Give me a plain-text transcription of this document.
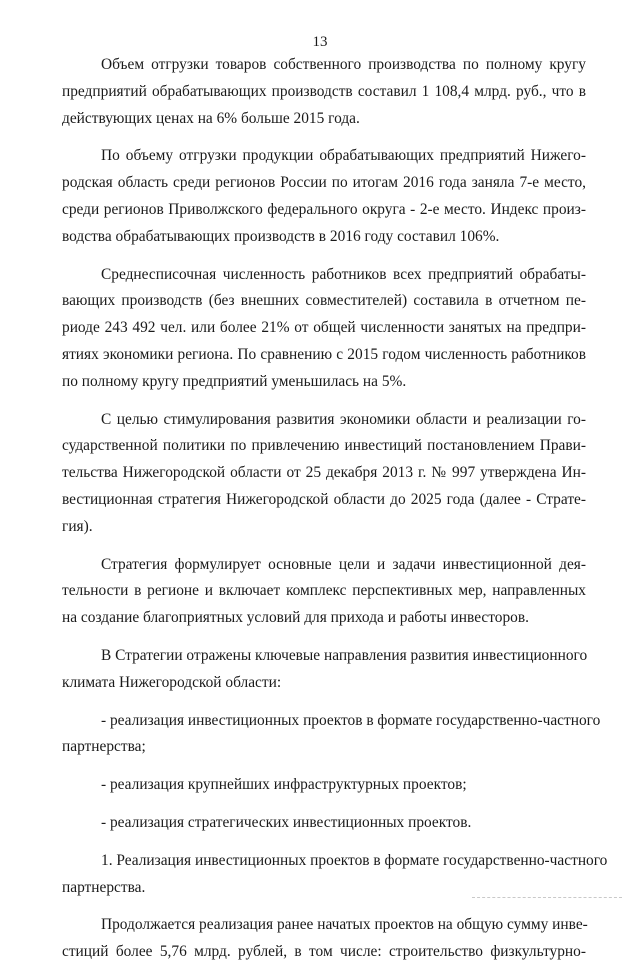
13

Объем отгрузки товаров собственного производства по полному кругу
предприятий обрабатывающих производств составил 1 108,4 млрд. руб., что в
действующих ценах на 6% больше 2015 года.

По объему отгрузки продукции обрабатывающих предприятий Нижего-
родская область среди регионов России по итогам 2016 года заняла 7-е место,
среди регионов Приволжского федерального округа - 2-е место. Индекс произ-
водства обрабатывающих производств в 2016 году составил 106%.

Среднесписочная численность работников всех предприятий обрабаты-
вающих производств (без внешних совместителей) составила в отчетном пе-
риоде 243 492 чел. или более 21% от общей численности занятых на предпри-
ятиях экономики региона. По сравнению с 2015 годом численность работников
по полному кругу предприятий уменьшилась на 5%.

С целью стимулирования развития экономики области и реализации го-
сударственной политики по привлечению инвестиций постановлением Прави-
тельства Нижегородской области от 25 декабря 2013 г. № 997 утверждена Ин-
вестиционная стратегия Нижегородской области до 2025 года (далее - Страте-
гия).

Стратегия формулирует основные цели и задачи инвестиционной дея-
тельности в регионе и включает комплекс перспективных мер, направленных
на создание благоприятных условий для прихода и работы инвесторов.

В Стратегии отражены ключевые направления развития инвестиционного
климата Нижегородской области:

- реализация инвестиционных проектов в формате государственно-частного
партнерства;

- реализация крупнейших инфраструктурных проектов;

- реализация стратегических инвестиционных проектов.

1. Реализация инвестиционных проектов в формате государственно-частного
партнерства.

Продолжается реализация ранее начатых проектов на общую сумму инве-
стиций более 5,76 млрд. рублей, в том числе: строительство физкультурно-
